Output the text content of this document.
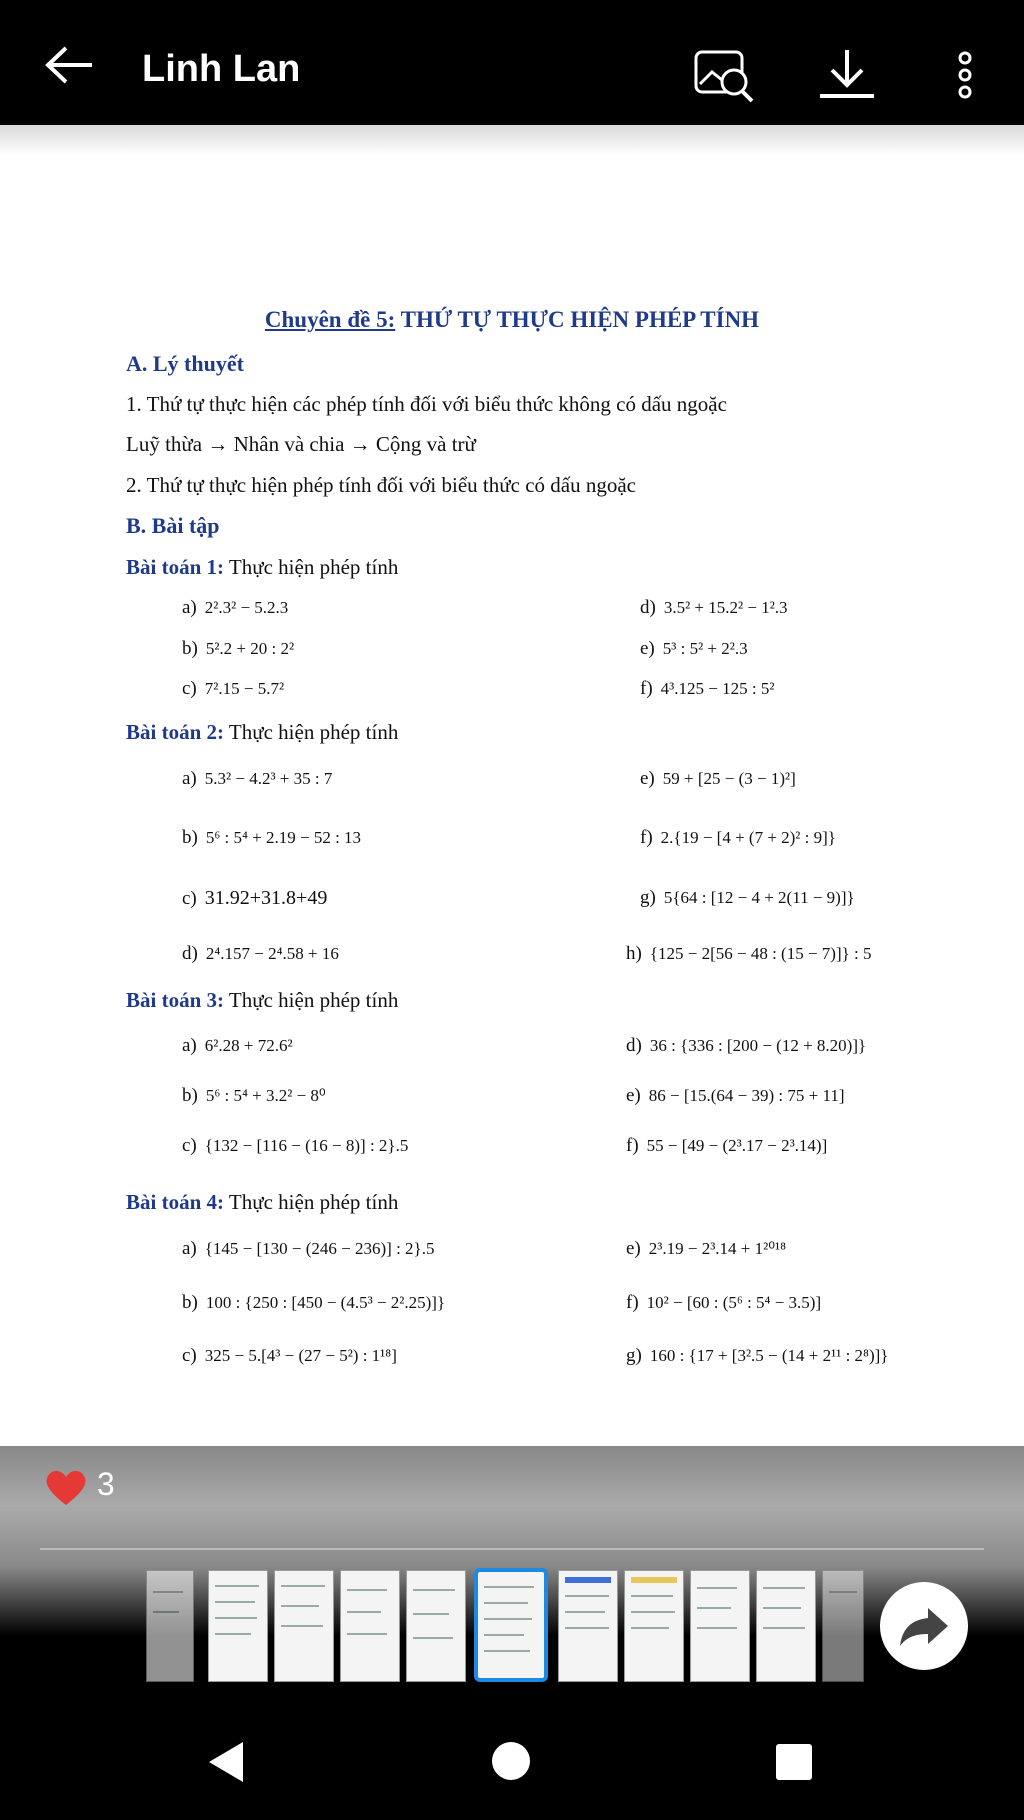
Linh Lan
Chuyên đề 5: THỨ TỰ THỰC HIỆN PHÉP TÍNH
A. Lý thuyết
1. Thứ tự thực hiện các phép tính đối với biểu thức không có dấu ngoặc
Luỹ thừa → Nhân và chia → Cộng và trừ
2. Thứ tự thực hiện phép tính đối với biểu thức có dấu ngoặc
B. Bài tập
Bài toán 1: Thực hiện phép tính
a) 2².3² − 5.2.3
b) 5².2 + 20 : 2²
c) 7².15 − 5.7²
d) 3.5² + 15.2² − 1².3
e) 5³ : 5² + 2².3
f) 4³.125 − 125 : 5²
Bài toán 2: Thực hiện phép tính
a) 5.3² − 4.2³ + 35 : 7
b) 5⁶ : 5⁴ + 2.19 − 52 : 13
c) 31.92+31.8+49
d) 2⁴.157 − 2⁴.58 + 16
e) 59 + [25 − (3 − 1)²]
f) 2.{19 − [4 + (7 + 2)² : 9]}
g) 5{64 : [12 − 4 + 2(11 − 9)]}
h) {125 − 2[56 − 48 : (15 − 7)]} : 5
Bài toán 3: Thực hiện phép tính
a) 6².28 + 72.6²
b) 5⁶ : 5⁴ + 3.2² − 8⁰
c) {132 − [116 − (16 − 8)] : 2}.5
d) 36 : {336 : [200 − (12 + 8.20)]}
e) 86 − [15.(64 − 39) : 75 + 11]
f) 55 − [49 − (2³.17 − 2³.14)]
Bài toán 4: Thực hiện phép tính
a) {145 − [130 − (246 − 236)] : 2}.5
b) 100 : {250 : [450 − (4.5³ − 2².25)]}
c) 325 − 5.[4³ − (27 − 5²) : 1¹⁸]
e) 2³.19 − 2³.14 + 1²⁰¹⁸
f) 10² − [60 : (5⁶ : 5⁴ − 3.5)]
g) 160 : {17 + [3².5 − (14 + 2¹¹ : 2⁸)]}
3
